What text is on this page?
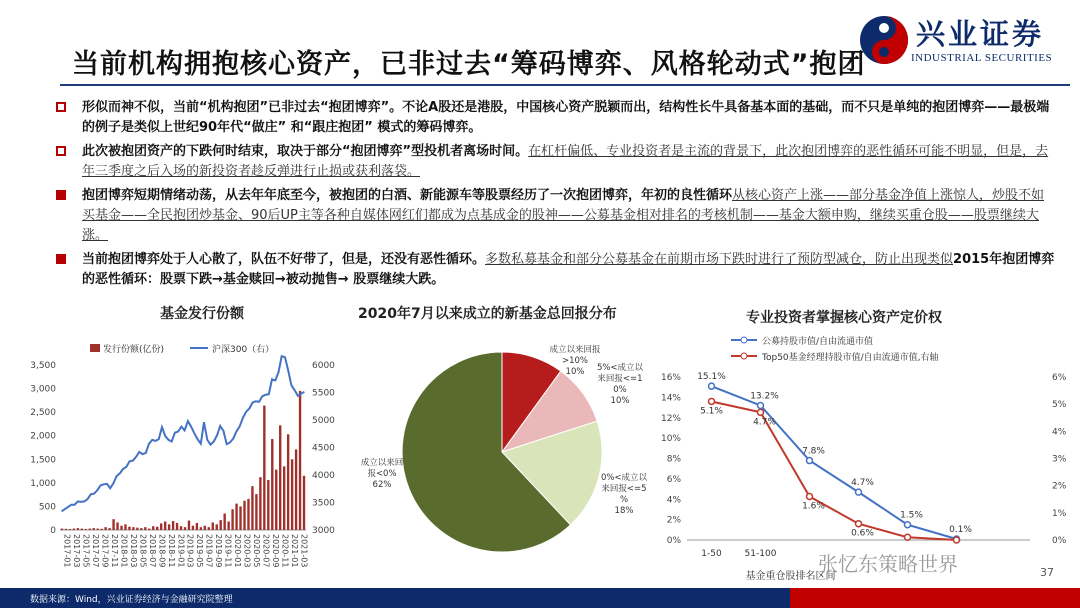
兴业证券
INDUSTRIAL SECURITIES
当前机构拥抱核心资产，已非过去“筹码博弈、风格轮动式”抱团
形似而神不似，当前“机构抱团”已非过去“抱团博弈”。不论A股还是港股，中国核心资产脱颖而出，结构性长牛具备基本面的基础，而不只是单纯的抱团博弈——最极端的例子是类似上世纪90年代“做庄” 和“跟庄抱团” 模式的筹码博弈。
此次被抱团资产的下跌何时结束，取决于部分“抱团博弈”型投机者离场时间。在杠杆偏低、专业投资者是主流的背景下，此次抱团博弈的恶性循环可能不明显，但是，去年三季度之后入场的新投资者趁反弹进行止损或获利落袋。
抱团博弈短期情绪动荡，从去年年底至今，被抱团的白酒、新能源车等股票经历了一次抱团博弈，年初的良性循环从核心资产上涨——部分基金净值上涨惊人，炒股不如买基金——全民抱团炒基金、90后UP主等各种自媒体网红们都成为点基成金的股神——公募基金相对排名的考核机制——基金大额申购，继续买重仓股——股票继续大涨。
当前抱团博弈处于人心散了，队伍不好带了，但是，还没有恶性循环。多数私募基金和部分公募基金在前期市场下跌时进行了预防型减仓，防止出现类似2015年抱团博弈的恶性循环：股票下跌→基金赎回→被动抛售→ 股票继续大跌。
基金发行份额
发行份额(亿份)	沪深300（右）
0
500
1,000
1,500
2,000
2,500
3,000
3,500
3000
3500
4000
4500
5000
5500
6000
2017-01 2017-03 2017-05 2017-07 2017-09 2017-11 2018-01 2018-03 2018-05 2018-07 2018-09 2018-11 2019-01 2019-03 2019-05 2019-07 2019-09 2019-11 2020-01 2020-03 2020-05 2020-07 2020-09 2020-11 2021-01 2021-03
2020年7月以来成立的新基金总回报分布
成立以来回报
>10%
10% 5%<成立以
来回报<=1
0%
10%
0%<成立以
来回报<=5
%
18%
成立以来回
报<0%
62%
专业投资者掌握核心资产定价权
公募持股市值/自由流通市值
Top50基金经理持股市值/自由流通市值,右轴
0%
2%
4%
6%
8%
10%
12%
14%
16%
0%
1%
2%
3%
4%
5%
6%
15.1%
13.2%
7.8%
4.7%
1.5%
0.1%
5.1%
4.7%
1.6%
0.6%
1-50	51-100
基金重仓股排名区间
张忆东策略世界	37
数据来源：Wind，兴业证券经济与金融研究院整理
